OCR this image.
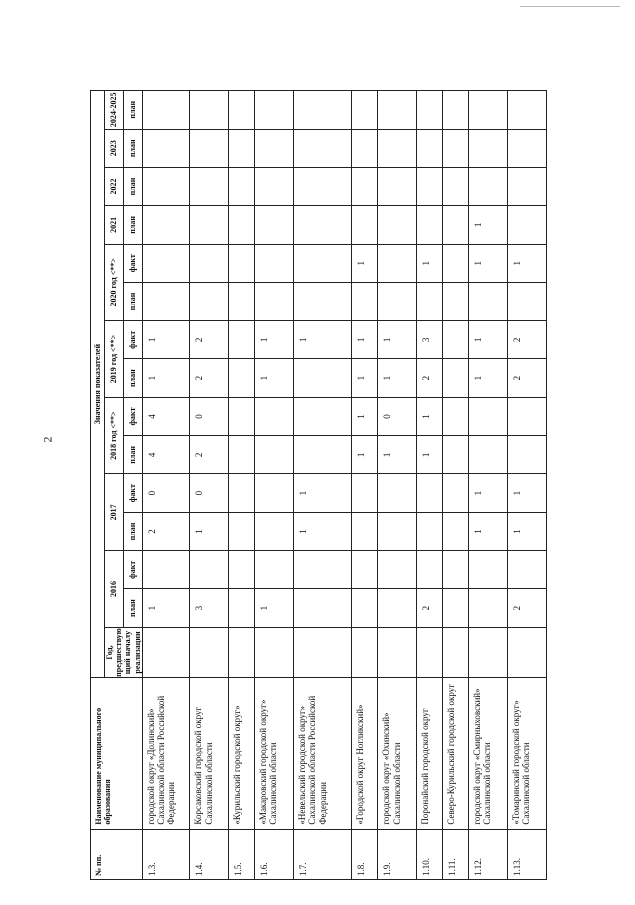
2
№ пп.	Наименование муниципального образования	Значения показателей														
		Год, предшествую щий началу реализации	2016		2017		2018 год <**>		2019 год <**>		2020 год <**>		2021	2022	2023	2024-2025
			план	факт	план	факт	план	факт	план	факт	план	факт	план	план	план	план
1.3.	городской округ «Долинский» Сахалинской области Российской Федерации		1		2	0	4	4	1	1						
1.4.	Корсаковский городской округ Сахалинской области		3		1	0	2	0	2	2						
1.5.	«Курильский городской округ»															
1.6.	«Макаровский городской округ» Сахалинской области		1						1	1						
1.7.	«Невельский городской округ» Сахалинской области Российской Федерации				1	1				1						
1.8.	«Городской округ Ногликский»						1	1	1	1		1				
1.9.	городской округ «Охинский» Сахалинской области						1	0	1	1						
1.10.	Поронайский городской округ		2				1	1	2	3		1				
1.11.	Северо-Курильский городской округ															
1.12.	городской округ «Смирныховский» Сахалинской области				1	1			1	1		1	1			
1.13.	«Томаринский городской округ» Сахалинской области		2		1	1			2	2		1				
